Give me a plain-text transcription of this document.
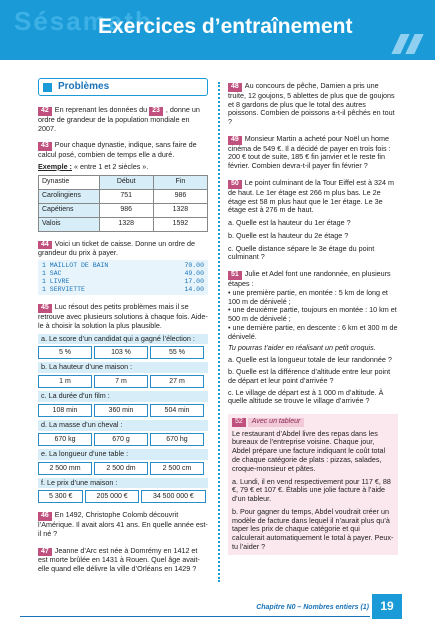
Sésamath
Exercices d’entraînement
Problèmes

42 En reprenant les données du 23 , donne un ordre de grandeur de la population mondiale en 2007.

43 Pour chaque dynastie, indique, sans faire de calcul posé, combien de temps elle a duré.

Exemple : « entre 1 et 2 siècles ».

Dynastie	Début	Fin
Carolingiens	751	986
Capétiens	986	1328
Valois	1328	1592

44 Voici un ticket de caisse. Donne un ordre de grandeur du prix à payer.

1 MAILLOT DE BAIN	70.00
1 SAC	49.00
1 LIVRE	17.00
1 SERVIETTE	14.00

45 Luc résout des petits problèmes mais il se retrouve avec plusieurs solutions à chaque fois. Aide-le à choisir la solution la plus plausible.

a. Le score d’un candidat qui a gagné l’élection :
5 %	103 %	55 %
b. La hauteur d’une maison :
1 m	7 m	27 m
c. La durée d’un film :
108 min	360 min	504 min
d. La masse d’un cheval :
670 kg	670 g	670 hg
e. La longueur d’une table :
2 500 mm	2 500 dm	2 500 cm
f. Le prix d’une maison :
5 300 €	205 000 €	34 500 000 €

46 En 1492, Christophe Colomb découvrit l’Amérique. Il avait alors 41 ans. En quelle année est-il né ?

47 Jeanne d’Arc est née à Domrémy en 1412 et est morte brûlée en 1431 à Rouen. Quel âge avait-elle quand elle délivre la ville d’Orléans en 1429 ?

48 Au concours de pêche, Damien a pris une truite, 12 goujons, 5 ablettes de plus que de goujons et 8 gardons de plus que le total des autres poissons. Combien de poissons a-t-il pêchés en tout ?

49 Monsieur Martin a acheté pour Noël un home cinéma de 549 €. Il a décidé de payer en trois fois : 200 € tout de suite, 185 € fin janvier et le reste fin février. Combien devra-t-il payer fin février ?

50 Le point culminant de la Tour Eiffel est à 324 m de haut. Le 1er étage est 266 m plus bas. Le 2e étage est 58 m plus haut que le 1er étage. Le 3e étage est à 276 m de haut.

a. Quelle est la hauteur du 1er étage ?

b. Quelle est la hauteur du 2e étage ?

c. Quelle distance sépare le 3e étage du point culminant ?

51 Julie et Adel font une randonnée, en plusieurs étapes :

• une première partie, en montée : 5 km de long et 100 m de dénivelé ;

• une deuxième partie, toujours en montée : 10 km et 500 m de dénivelé ;

• une dernière partie, en descente : 6 km et 300 m de dénivelé.

Tu pourras t’aider en réalisant un petit croquis.

a. Quelle est la longueur totale de leur randonnée ?

b. Quelle est la différence d’altitude entre leur point de départ et leur point d’arrivée ?

c. Le village de départ est à 1 000 m d’altitude. À quelle altitude se trouve le village d’arrivée ?

52 Avec un tableur

Le restaurant d’Abdel livre des repas dans les bureaux de l’entreprise voisine. Chaque jour, Abdel prépare une facture indiquant le coût total de chaque catégorie de plats : pizzas, salades, croque-monsieur et pâtes.

a. Lundi, il en vend respectivement pour 117 €, 88 €, 79 € et 107 €. Établis une jolie facture à l’aide d’un tableur.

b. Pour gagner du temps, Abdel voudrait créer un modèle de facture dans lequel il n’aurait plus qu’à taper les prix de chaque catégorie et qui calculerait automatiquement le total à payer. Peux-tu l’aider ?

Chapitre N0 – Nombres entiers (1) 19
